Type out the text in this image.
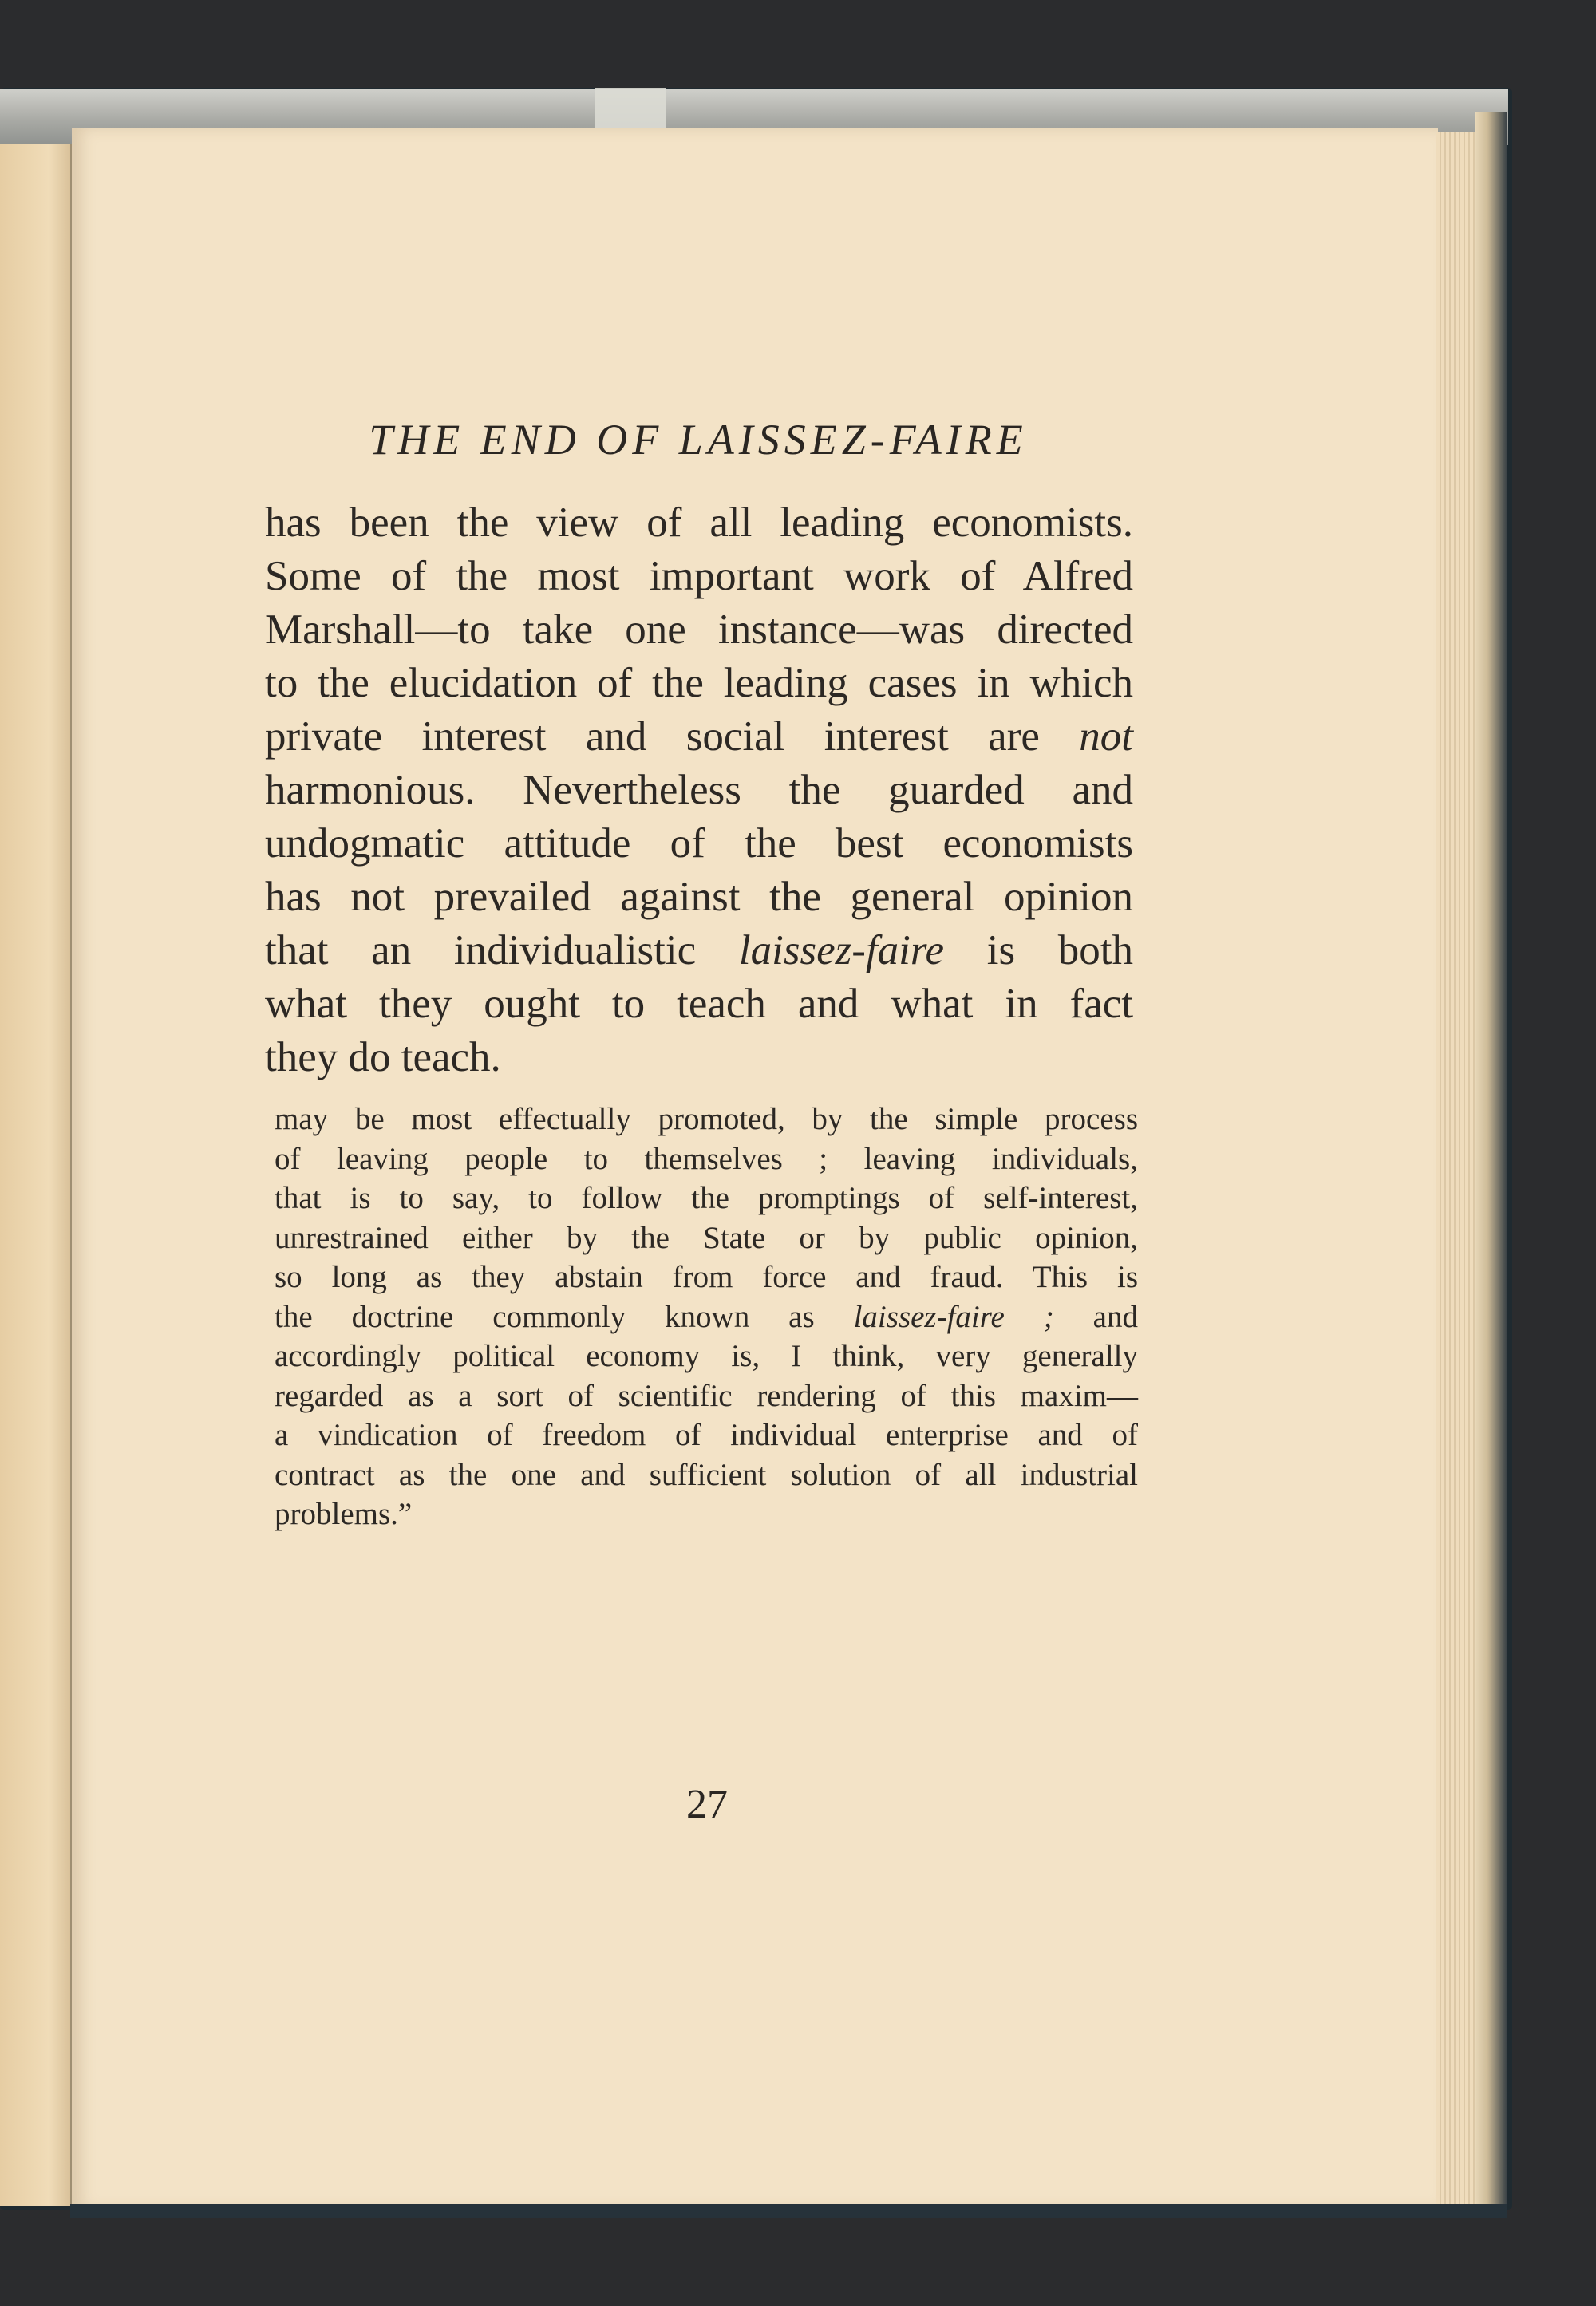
THE END OF LAISSEZ-FAIRE

has been the view of all leading economists.
Some of the most important work of Alfred
Marshall—to take one instance—was directed
to the elucidation of the leading cases in which
private interest and social interest are not
harmonious. Nevertheless the guarded and
undogmatic attitude of the best economists
has not prevailed against the general opinion
that an individualistic laissez-faire is both
what they ought to teach and what in fact
they do teach.

may be most effectually promoted, by the simple process
of leaving people to themselves ; leaving individuals,
that is to say, to follow the promptings of self-interest,
unrestrained either by the State or by public opinion,
so long as they abstain from force and fraud. This is
the doctrine commonly known as laissez-faire ; and
accordingly political economy is, I think, very generally
regarded as a sort of scientific rendering of this maxim—
a vindication of freedom of individual enterprise and of
contract as the one and sufficient solution of all industrial
problems.”

27
